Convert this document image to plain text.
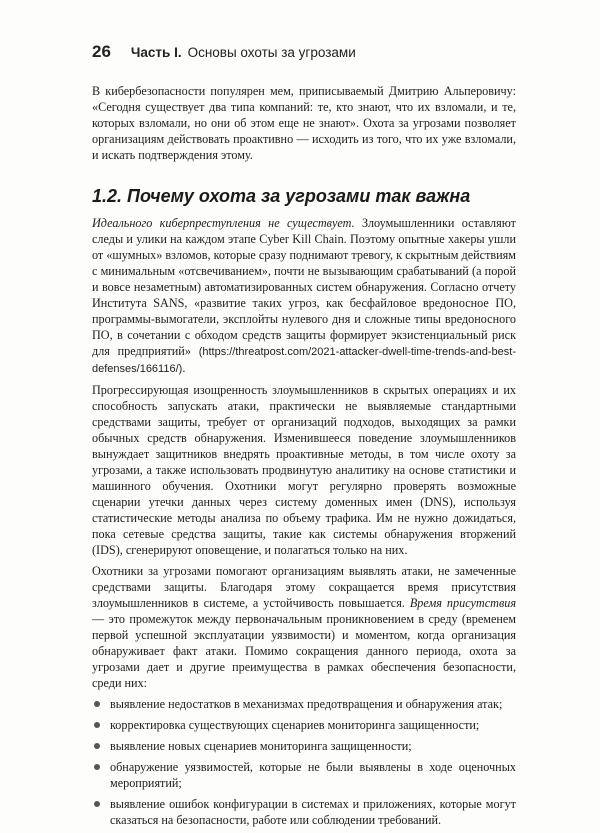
26 Часть I. Основы охоты за угрозами

В кибербезопасности популярен мем, приписываемый Дмитрию Альперовичу: «Сегодня существует два типа компаний: те, кто знают, что их взломали, и те, которых взломали, но они об этом еще не знают». Охота за угрозами позволяет организациям действовать проактивно — исходить из того, что их уже взломали, и искать подтверждения этому.

1.2. Почему охота за угрозами так важна

Идеального киберпреступления не существует. Злоумышленники оставляют следы и улики на каждом этапе Cyber Kill Chain. Поэтому опытные хакеры ушли от «шумных» взломов, которые сразу поднимают тревогу, к скрытным действиям с минимальным «отсвечиванием», почти не вызывающим срабатываний (а порой и вовсе незаметным) автоматизированных систем обнаружения. Согласно отчету Института SANS, «развитие таких угроз, как бесфайловое вредоносное ПО, программы-вымогатели, эксплойты нулевого дня и сложные типы вредоносного ПО, в сочетании с обходом средств защиты формирует экзистенциальный риск для предприятий» (https://threatpost.com/2021-attacker-dwell-time-trends-and-best-defenses/166116/).

Прогрессирующая изощренность злоумышленников в скрытых операциях и их способность запускать атаки, практически не выявляемые стандартными средствами защиты, требует от организаций подходов, выходящих за рамки обычных средств обнаружения. Изменившееся поведение злоумышленников вынуждает защитников внедрять проактивные методы, в том числе охоту за угрозами, а также использовать продвинутую аналитику на основе статистики и машинного обучения. Охотники могут регулярно проверять возможные сценарии утечки данных через систему доменных имен (DNS), используя статистические методы анализа по объему трафика. Им не нужно дожидаться, пока сетевые средства защиты, такие как системы обнаружения вторжений (IDS), сгенерируют оповещение, и полагаться только на них.

Охотники за угрозами помогают организациям выявлять атаки, не замеченные средствами защиты. Благодаря этому сокращается время присутствия злоумышленников в системе, а устойчивость повышается. Время присутствия — это промежуток между первоначальным проникновением в среду (временем первой успешной эксплуатации уязвимости) и моментом, когда организация обнаруживает факт атаки. Помимо сокращения данного периода, охота за угрозами дает и другие преимущества в рамках обеспечения безопасности, среди них:

выявление недостатков в механизмах предотвращения и обнаружения атак;
корректировка существующих сценариев мониторинга защищенности;
выявление новых сценариев мониторинга защищенности;
обнаружение уязвимостей, которые не были выявлены в ходе оценочных мероприятий;
выявление ошибок конфигурации в системах и приложениях, которые могут сказаться на безопасности, работе или соблюдении требований.
